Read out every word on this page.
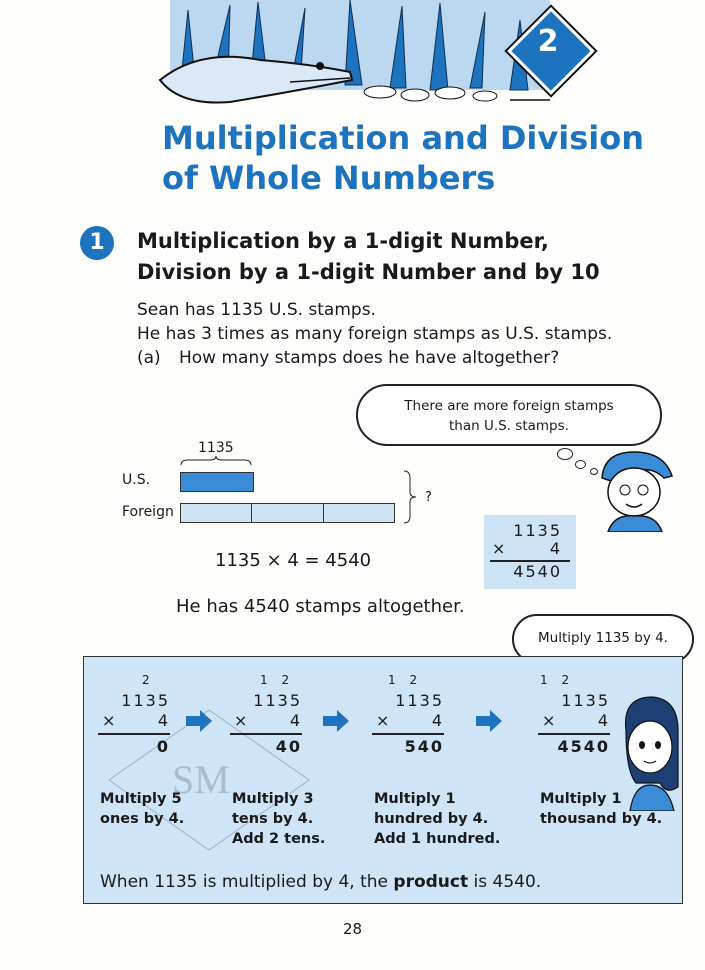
2
Multiplication and Division
of Whole Numbers
1	Multiplication by a 1-digit Number,
Division by a 1-digit Number and by 10
Sean has 1135 U.S. stamps.
He has 3 times as many foreign stamps as U.S. stamps.
(a) How many stamps does he have altogether?
There are more foreign stamps
than U.S. stamps.
1135
U.S.
Foreign
?
1135 × 4 = 4540
1135
×	4
4540
He has 4540 stamps altogether.
Multiply 1135 by 4.
SM
2
1135
×	4
0
Multiply 5
ones by 4.
1 2
1135
×	4
40
Multiply 3
tens by 4.
Add 2 tens.
1 2
1135
×	4
540
Multiply 1
hundred by 4.
Add 1 hundred.
1 2
1135
×	4
4540
Multiply 1
thousand by 4.
When 1135 is multiplied by 4, the product is 4540.
28
